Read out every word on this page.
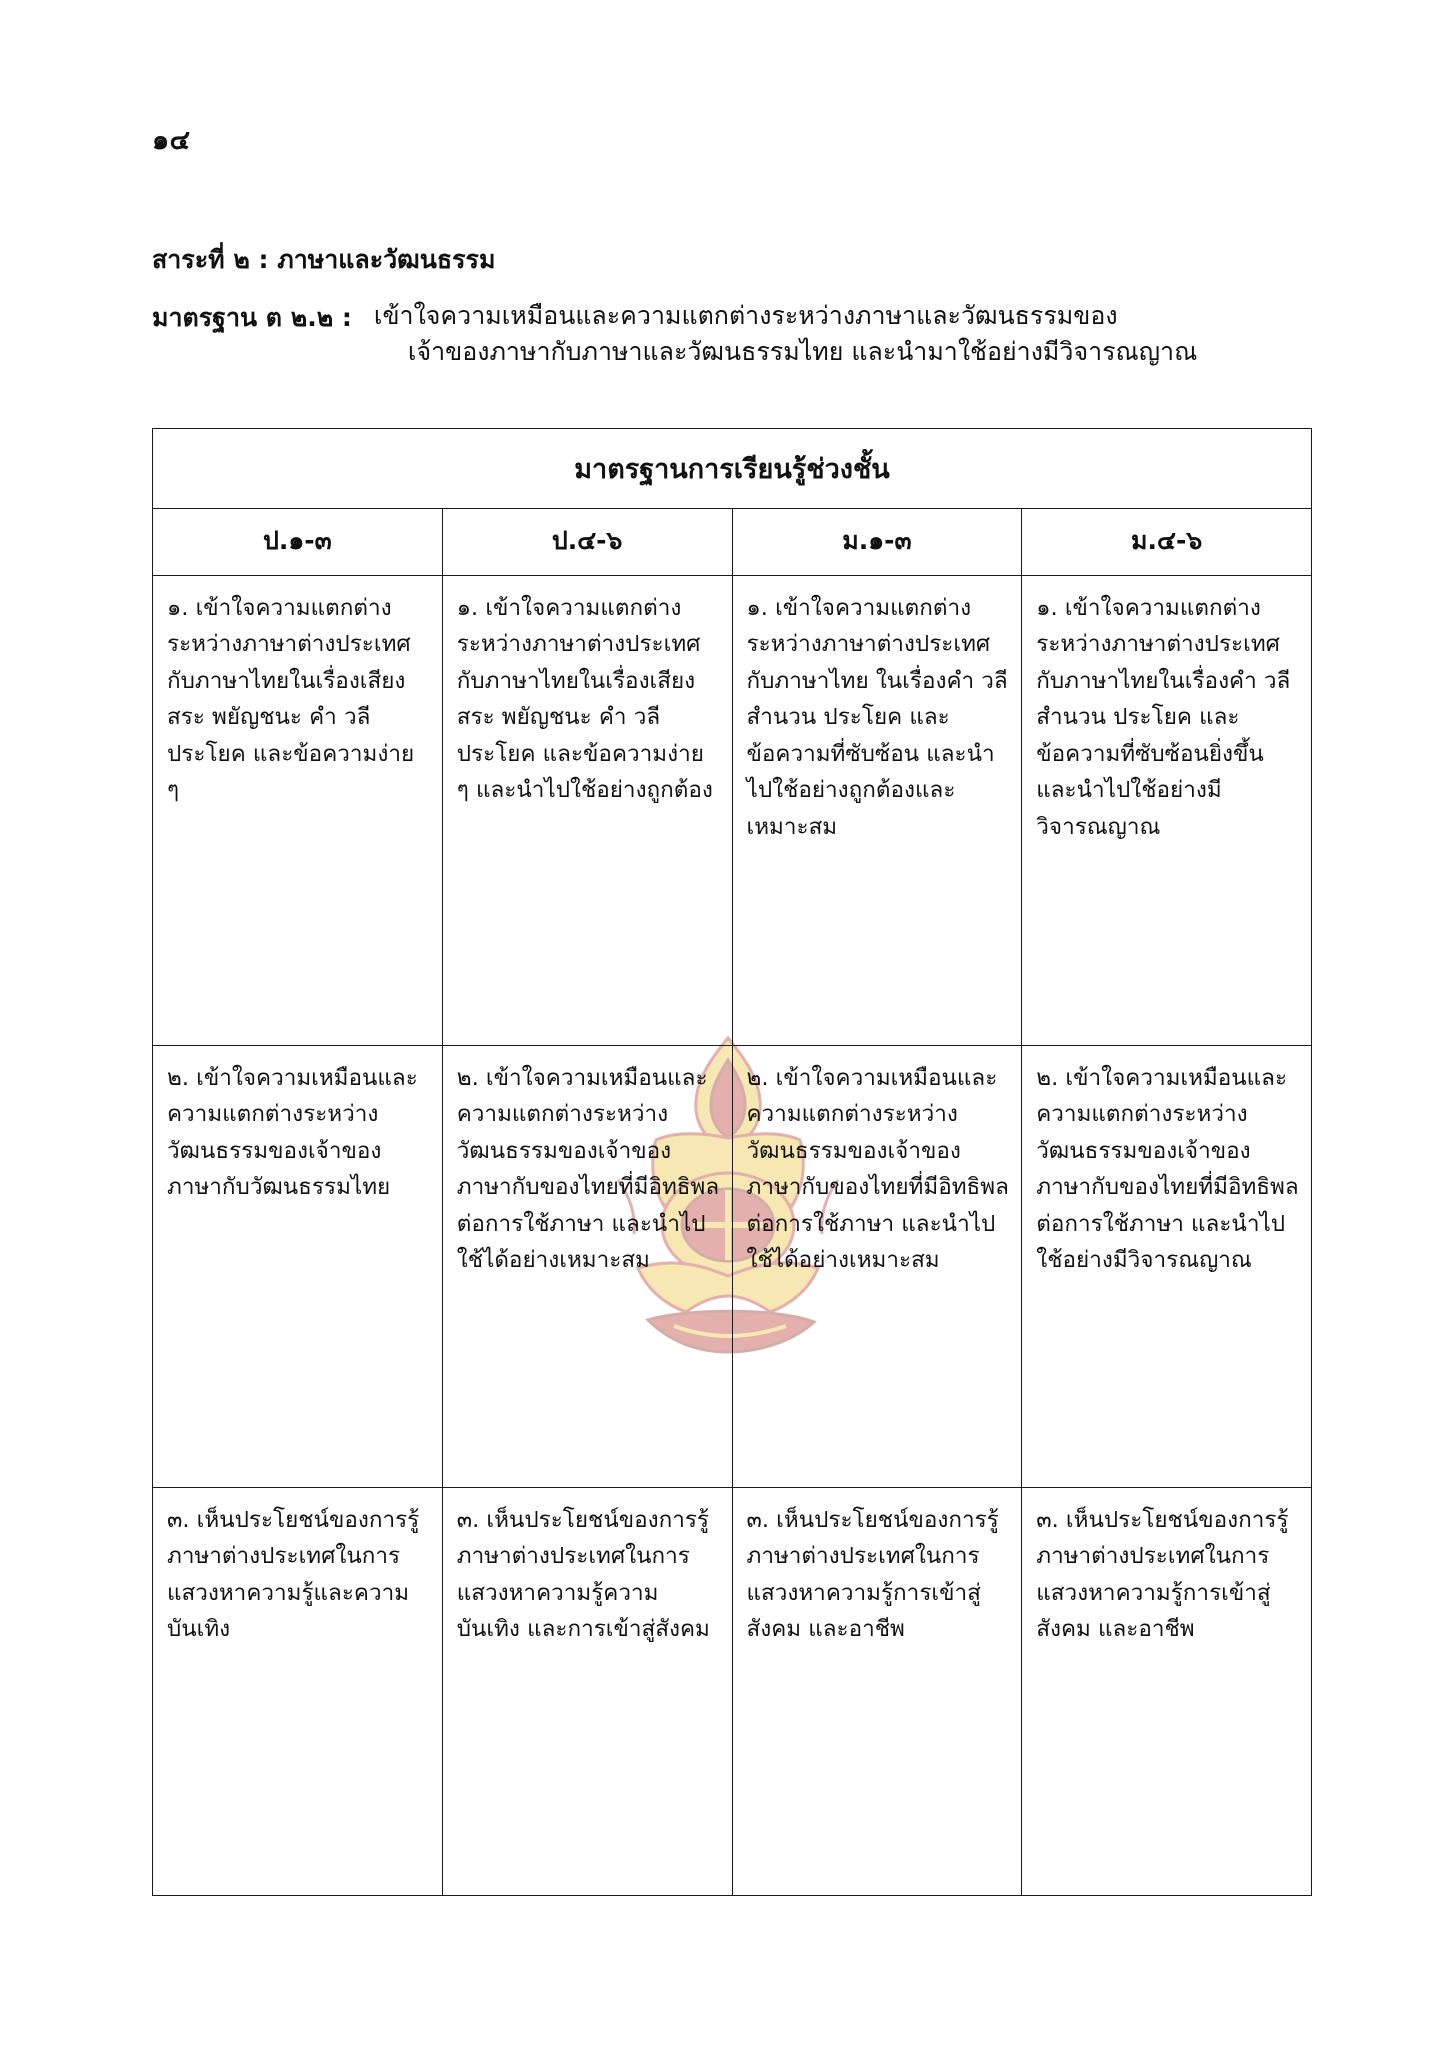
๑๔
สาระที่ ๒ : ภาษาและวัฒนธรรม
มาตรฐาน ต ๒.๒ : เข้าใจความเหมือนและความแตกต่างระหว่างภาษาและวัฒนธรรมของ
เจ้าของภาษากับภาษาและวัฒนธรรมไทย และนำมาใช้อย่างมีวิจารณญาณ
มาตรฐานการเรียนรู้ช่วงชั้น			
ป.๑-๓	ป.๔-๖	ม.๑-๓	ม.๔-๖
๑. เข้าใจความแตกต่างระหว่างภาษาต่างประเทศกับภาษาไทยในเรื่องเสียงสระ พยัญชนะ คำ วลี ประโยค และข้อความง่าย ๆ	๑. เข้าใจความแตกต่างระหว่างภาษาต่างประเทศกับภาษาไทยในเรื่องเสียงสระ พยัญชนะ คำ วลี ประโยค และข้อความง่าย ๆ และนำไปใช้อย่างถูกต้อง	๑. เข้าใจความแตกต่างระหว่างภาษาต่างประเทศกับภาษาไทย ในเรื่องคำ วลี สำนวน ประโยค และข้อความที่ซับซ้อน และนำไปใช้อย่างถูกต้องและเหมาะสม	๑. เข้าใจความแตกต่างระหว่างภาษาต่างประเทศกับภาษาไทยในเรื่องคำ วลี สำนวน ประโยค และข้อความที่ซับซ้อนยิ่งขึ้น และนำไปใช้อย่างมีวิจารณญาณ
๒. เข้าใจความเหมือนและความแตกต่างระหว่างวัฒนธรรมของเจ้าของภาษากับวัฒนธรรมไทย	๒. เข้าใจความเหมือนและความแตกต่างระหว่างวัฒนธรรมของเจ้าของภาษากับของไทยที่มีอิทธิพลต่อการใช้ภาษา และนำไปใช้ได้อย่างเหมาะสม	๒. เข้าใจความเหมือนและความแตกต่างระหว่างวัฒนธรรมของเจ้าของภาษากับของไทยที่มีอิทธิพลต่อการใช้ภาษา และนำไปใช้ได้อย่างเหมาะสม	๒. เข้าใจความเหมือนและความแตกต่างระหว่างวัฒนธรรมของเจ้าของภาษากับของไทยที่มีอิทธิพลต่อการใช้ภาษา และนำไปใช้อย่างมีวิจารณญาณ
๓. เห็นประโยชน์ของการรู้ภาษาต่างประเทศในการแสวงหาความรู้และความบันเทิง	๓. เห็นประโยชน์ของการรู้ภาษาต่างประเทศในการแสวงหาความรู้ความบันเทิง และการเข้าสู่สังคม	๓. เห็นประโยชน์ของการรู้ภาษาต่างประเทศในการแสวงหาความรู้การเข้าสู่สังคม และอาชีพ	๓. เห็นประโยชน์ของการรู้ภาษาต่างประเทศในการแสวงหาความรู้การเข้าสู่สังคม และอาชีพ
